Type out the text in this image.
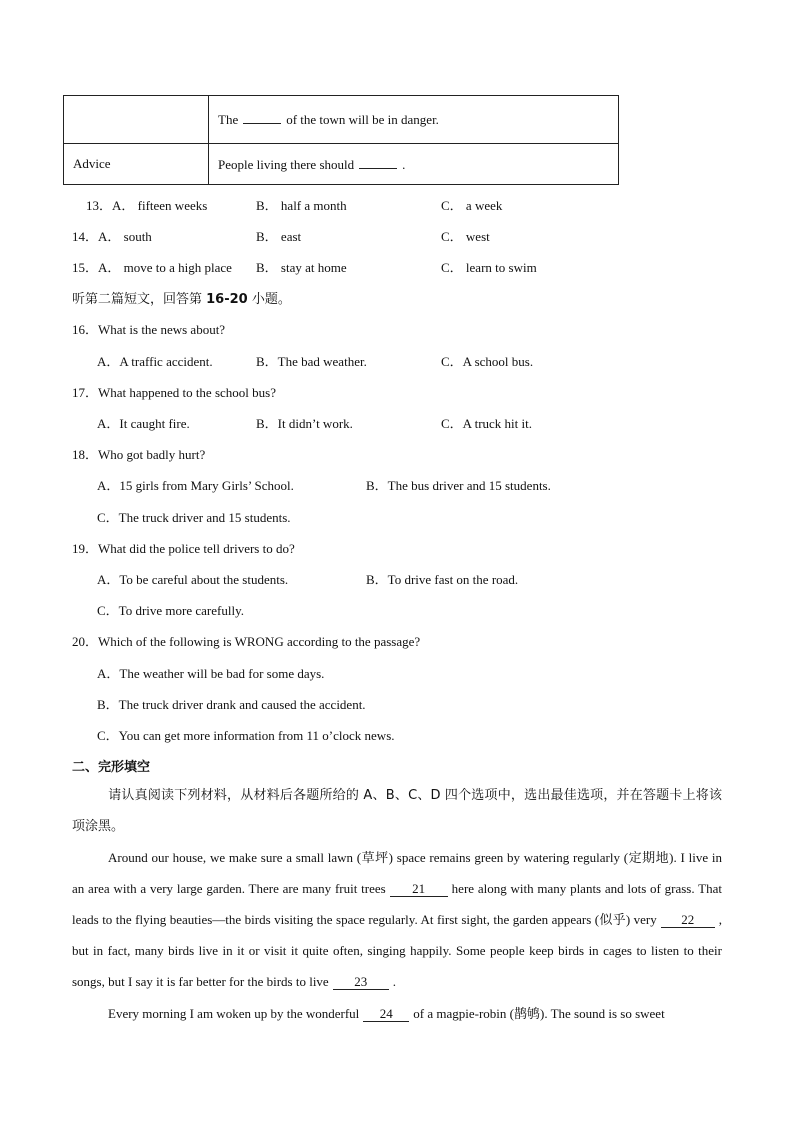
	The of the town will be in danger.
Advice	People living there should .
13． A． fifteen weeks	B． half a month	C． a week
14． A． south	B． east	C． west
15． A． move to a high place B． stay at home	C． learn to swim
听第二篇短文，回答第 16-20 小题。
16．What is the news about?
A．A traffic accident.	B．The bad weather.	C．A school bus.
17．What happened to the school bus?
A．It caught fire.	B．It didn’t work.	C．A truck hit it.
18．Who got badly hurt?
A．15 girls from Mary Girls’ School.	B．The bus driver and 15 students.
C．The truck driver and 15 students.
19．What did the police tell drivers to do?
A．To be careful about the students.	B．To drive fast on the road.
C．To drive more carefully.
20．Which of the following is WRONG according to the passage?
A．The weather will be bad for some days.
B．The truck driver drank and caused the accident.
C．You can get more information from 11 o’clock news.
二、完形填空
请认真阅读下列材料，从材料后各题所给的 A、B、C、D 四个选项中，选出最佳选项，并在答题卡上将该项涂黑。
Around our house, we make sure a small lawn (草坪) space remains green by watering regularly (定期地). I live in an area with a very large garden. There are many fruit trees 21 here along with many plants and lots of grass. That leads to the flying beauties—the birds visiting the space regularly. At first sight, the garden appears (似乎) very 22 , but in fact, many birds live in it or visit it quite often, singing happily. Some people keep birds in cages to listen to their songs, but I say it is far better for the birds to live 23 .
Every morning I am woken up by the wonderful 24 of a magpie-robin (鹊鸲). The sound is so sweet
